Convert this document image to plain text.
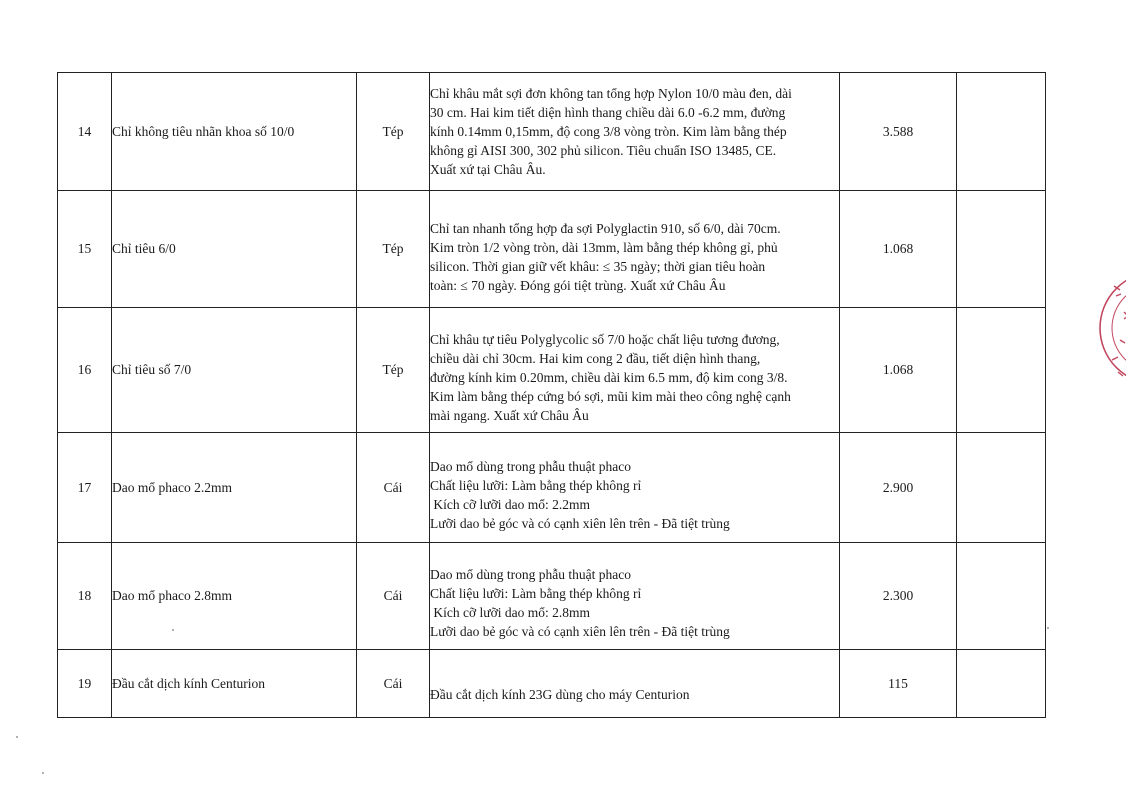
14	Chỉ không tiêu nhãn khoa số 10/0	Tép	Chỉ khâu mắt sợi đơn không tan tổng hợp Nylon 10/0 màu đen, dài
30 cm. Hai kim tiết diện hình thang chiều dài 6.0 -6.2 mm, đường
kính 0.14mm 0,15mm, độ cong 3/8 vòng tròn. Kim làm bằng thép
không gỉ AISI 300, 302 phủ silicon. Tiêu chuẩn ISO 13485, CE.
Xuất xứ tại Châu Âu.	3.588	
15	Chỉ tiêu 6/0	Tép	Chỉ tan nhanh tổng hợp đa sợi Polyglactin 910, số 6/0, dài 70cm.
Kim tròn 1/2 vòng tròn, dài 13mm, làm bằng thép không gỉ, phủ
silicon. Thời gian giữ vết khâu: ≤ 35 ngày; thời gian tiêu hoàn
toàn: ≤ 70 ngày. Đóng gói tiệt trùng. Xuất xứ Châu Âu	1.068	
16	Chỉ tiêu số 7/0	Tép	Chỉ khâu tự tiêu Polyglycolic số 7/0 hoặc chất liệu tương đương,
chiều dài chỉ 30cm. Hai kim cong 2 đầu, tiết diện hình thang,
đường kính kim 0.20mm, chiều dài kim 6.5 mm, độ kim cong 3/8.
Kim làm bằng thép cứng bó sợi, mũi kim mài theo công nghệ cạnh
mài ngang. Xuất xứ Châu Âu	1.068	
17	Dao mổ phaco 2.2mm	Cái	Dao mổ dùng trong phẫu thuật phaco
Chất liệu lưỡi: Làm bằng thép không rỉ
Kích cỡ lưỡi dao mổ: 2.2mm
Lưỡi dao bẻ góc và có cạnh xiên lên trên - Đã tiệt trùng	2.900	
18	Dao mổ phaco 2.8mm	Cái	Dao mổ dùng trong phẫu thuật phaco
Chất liệu lưỡi: Làm bằng thép không rỉ
Kích cỡ lưỡi dao mổ: 2.8mm
Lưỡi dao bẻ góc và có cạnh xiên lên trên - Đã tiệt trùng	2.300	
19	Đầu cắt dịch kính Centurion	Cái	Đầu cắt dịch kính 23G dùng cho máy Centurion	115	
